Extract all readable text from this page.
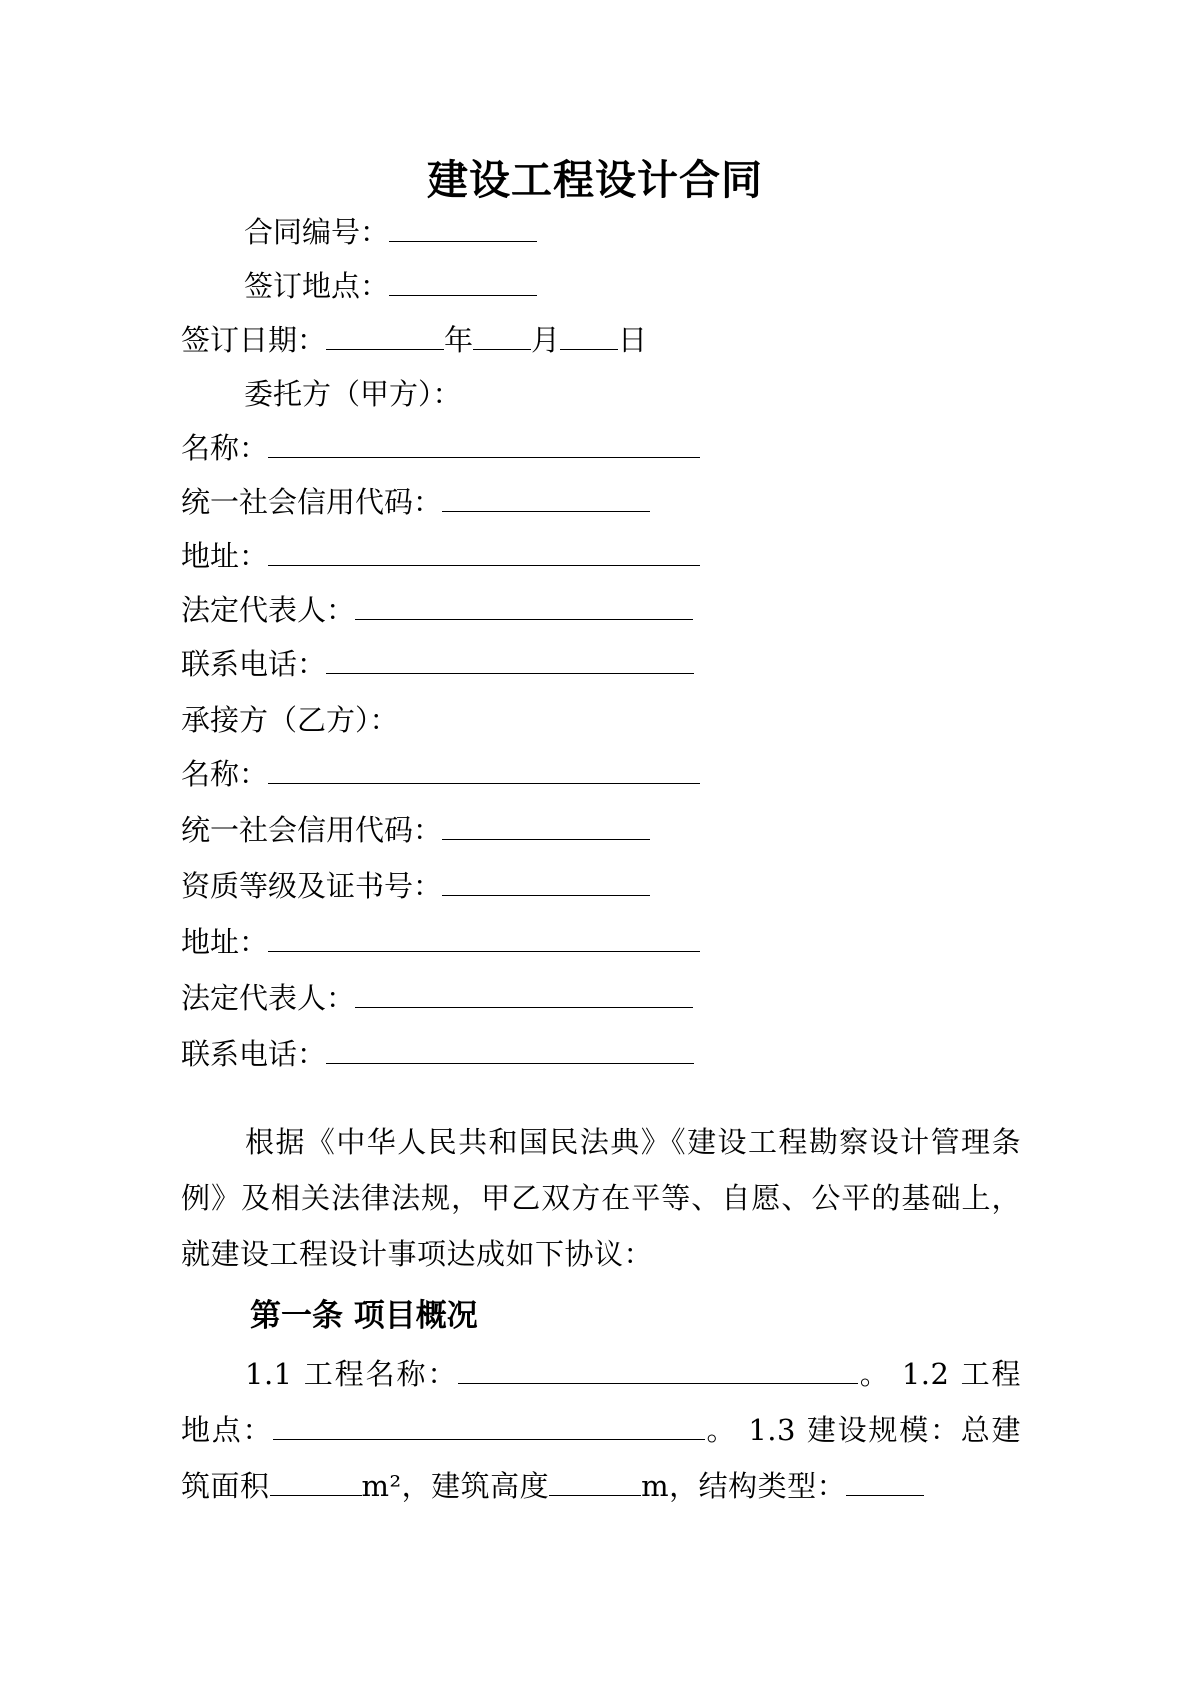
建设工程设计合同
合同编号：
签订地点：
签订日期：	年 月 日
委托方（甲方）：
名称：
统一社会信用代码：
地址：
法定代表人：
联系电话：
承接方（乙方）：
名称：
统一社会信用代码：
资质等级及证书号：
地址：
法定代表人：
联系电话：
根据《中华人民共和国民法典》《建设工程勘察设计管理条例》及相关法律法规，甲乙双方在平等、自愿、公平的基础上，就建设工程设计事项达成如下协议：
第一条 项目概况
1.1 工程名称：	。 1.2 工程地点：	。 1.3 建设规模：总建筑面积	m²，建筑高度	m，结构类型：
